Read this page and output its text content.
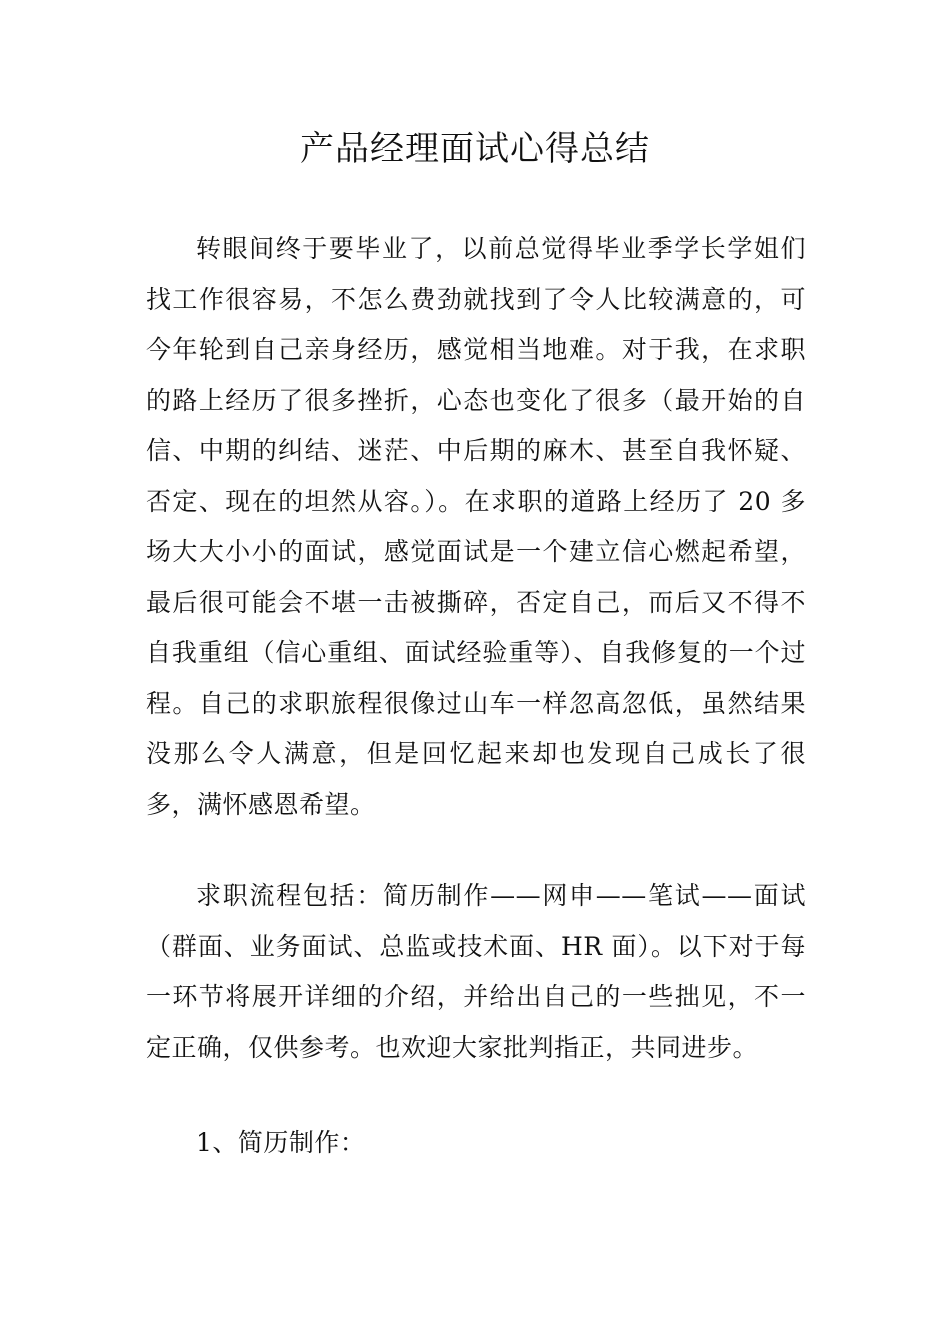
产品经理面试心得总结

转眼间终于要毕业了，以前总觉得毕业季学长学姐们找工作很容易，不怎么费劲就找到了令人比较满意的，可今年轮到自己亲身经历，感觉相当地难。对于我，在求职的路上经历了很多挫折，心态也变化了很多（最开始的自信、中期的纠结、迷茫、中后期的麻木、甚至自我怀疑、否定、现在的坦然从容。）。在求职的道路上经历了 20 多场大大小小的面试，感觉面试是一个建立信心燃起希望，最后很可能会不堪一击被撕碎，否定自己，而后又不得不自我重组（信心重组、面试经验重等）、自我修复的一个过程。自己的求职旅程很像过山车一样忽高忽低，虽然结果没那么令人满意，但是回忆起来却也发现自己成长了很多，满怀感恩希望。

求职流程包括：简历制作——网申——笔试——面试（群面、业务面试、总监或技术面、HR 面）。以下对于每一环节将展开详细的介绍，并给出自己的一些拙见，不一定正确，仅供参考。也欢迎大家批判指正，共同进步。

1、简历制作：
